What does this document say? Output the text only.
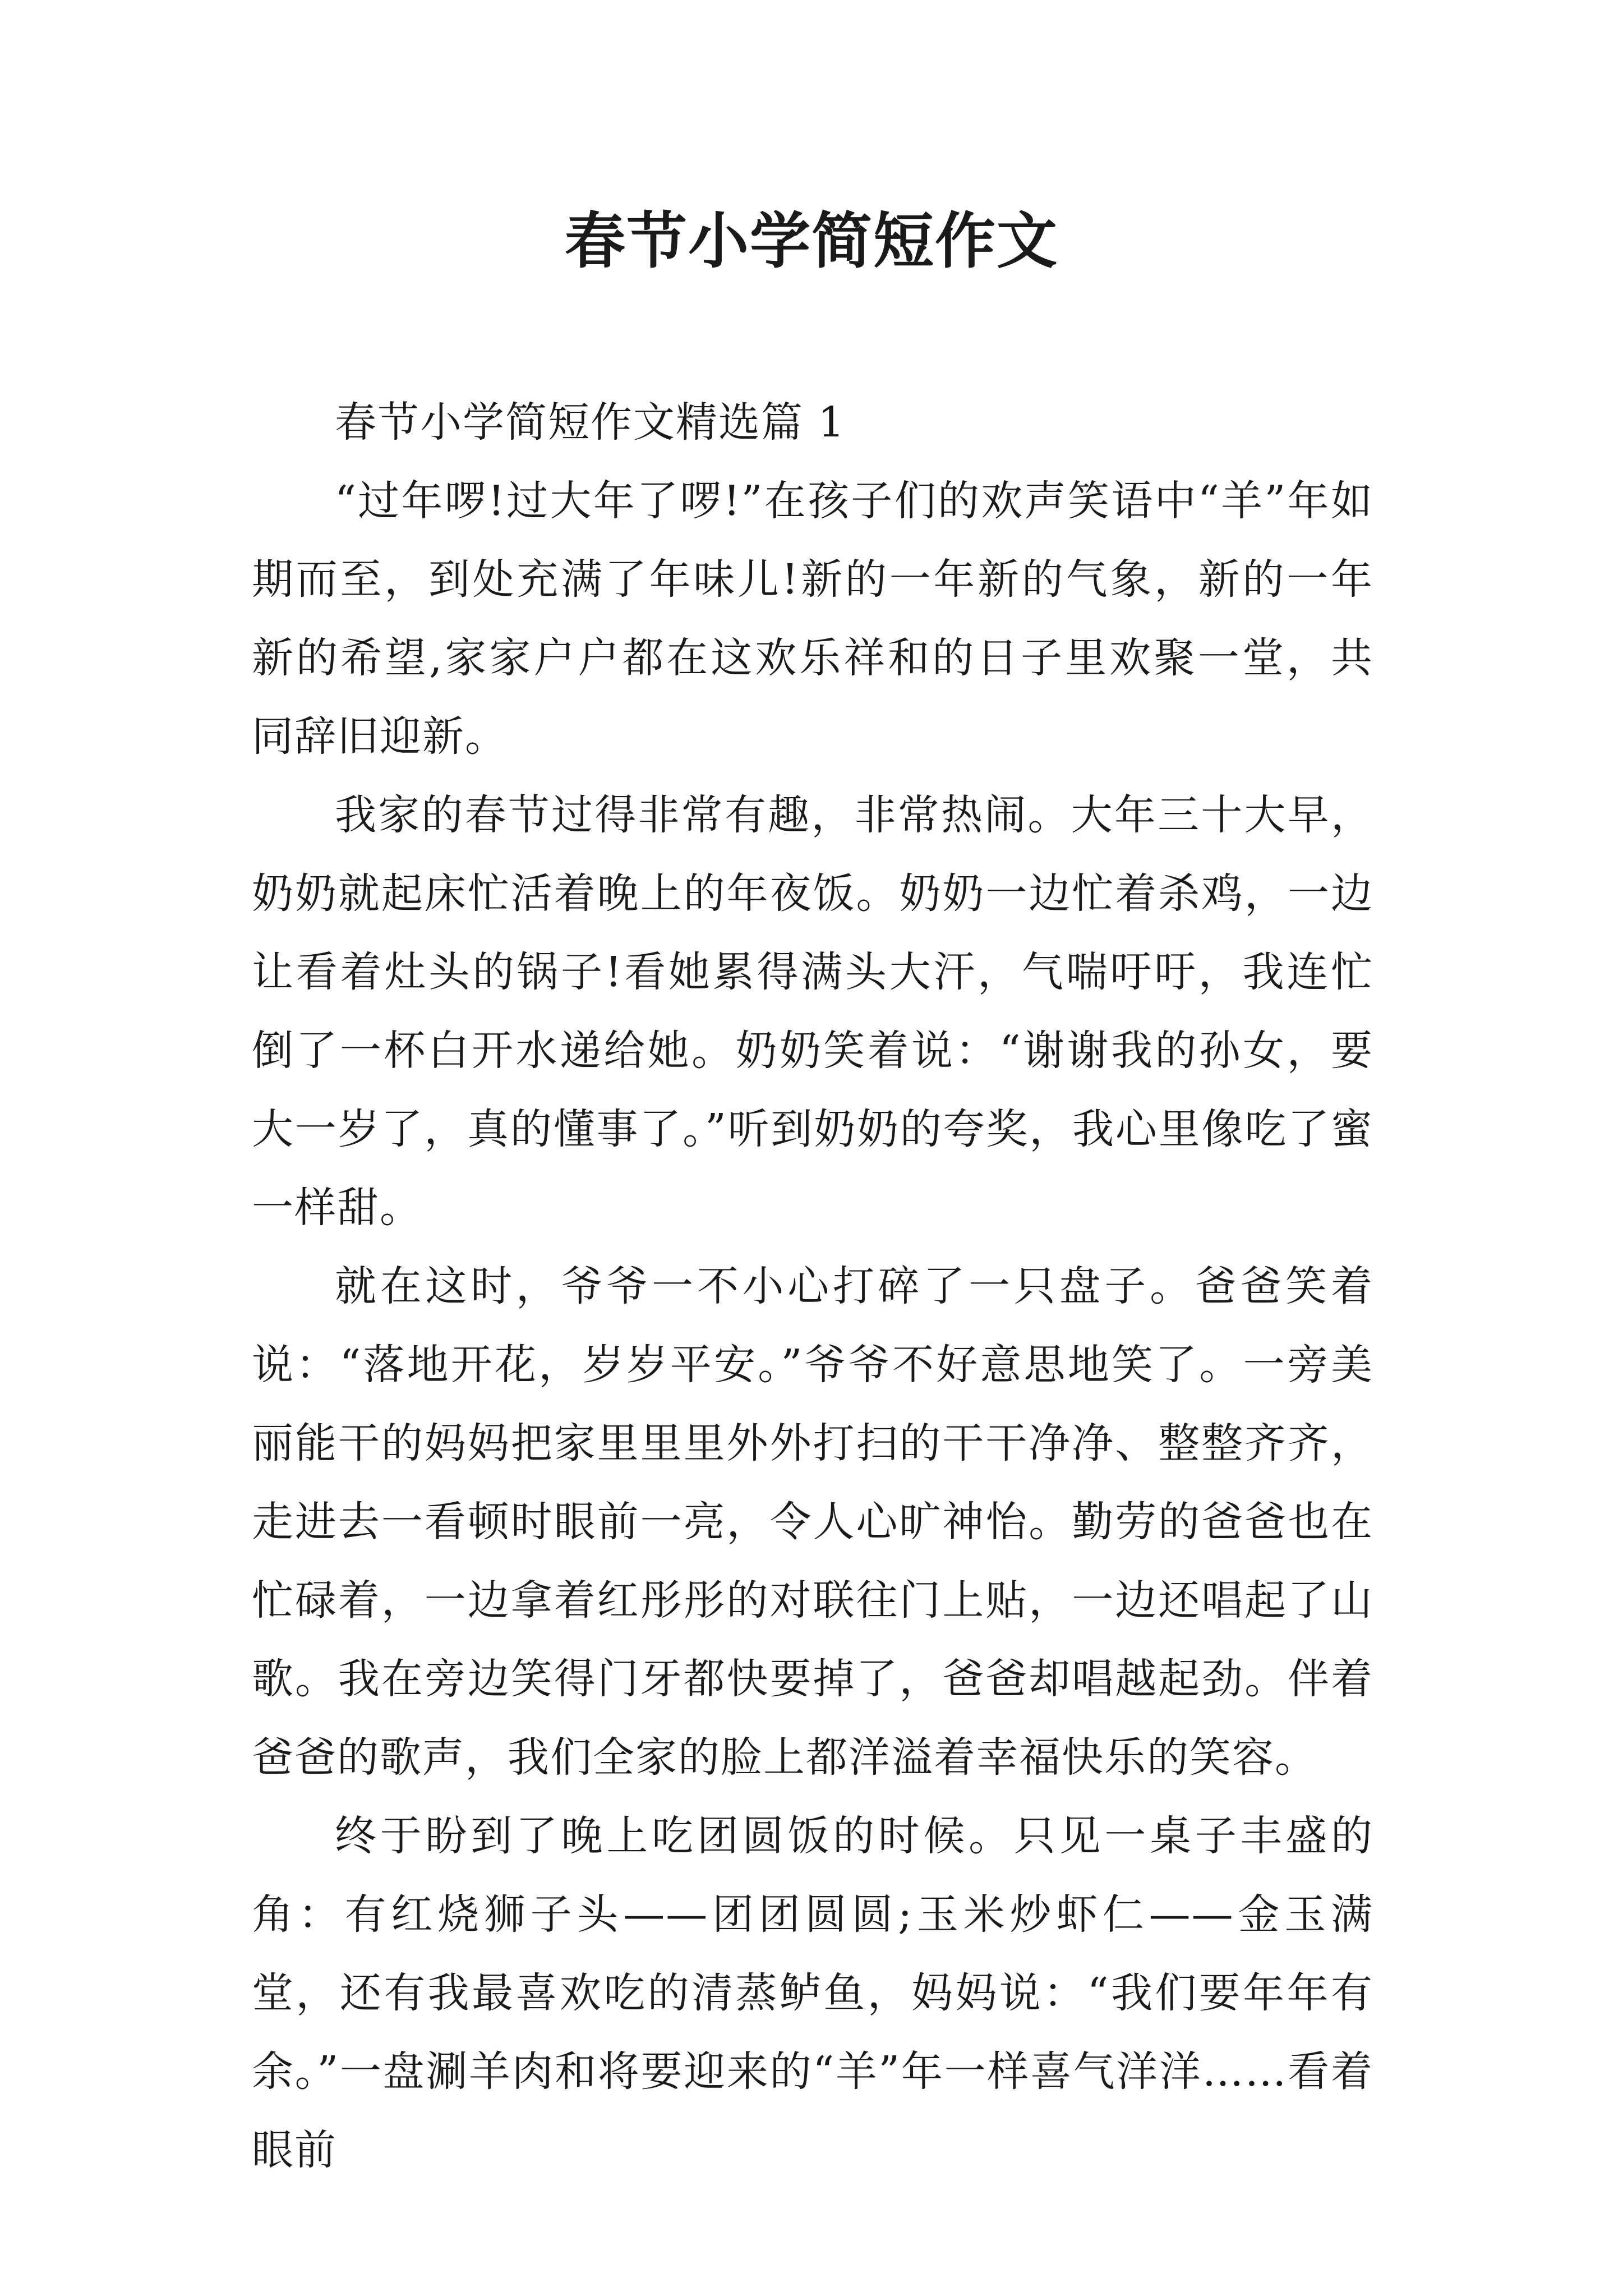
春节小学简短作文

春节小学简短作文精选篇 1

“过年啰!过大年了啰!”在孩子们的欢声笑语中“羊”年如期而至，到处充满了年味儿!新的一年新的气象，新的一年新的希望,家家户户都在这欢乐祥和的日子里欢聚一堂，共同辞旧迎新。

我家的春节过得非常有趣，非常热闹。大年三十大早，奶奶就起床忙活着晚上的年夜饭。奶奶一边忙着杀鸡，一边让看着灶头的锅子!看她累得满头大汗，气喘吁吁，我连忙倒了一杯白开水递给她。奶奶笑着说：“谢谢我的孙女，要大一岁了，真的懂事了。”听到奶奶的夸奖，我心里像吃了蜜一样甜。

就在这时，爷爷一不小心打碎了一只盘子。爸爸笑着说：“落地开花，岁岁平安。”爷爷不好意思地笑了。一旁美丽能干的妈妈把家里里里外外打扫的干干净净、整整齐齐，走进去一看顿时眼前一亮，令人心旷神怡。勤劳的爸爸也在忙碌着，一边拿着红彤彤的对联往门上贴，一边还唱起了山歌。我在旁边笑得门牙都快要掉了，爸爸却唱越起劲。伴着爸爸的歌声，我们全家的脸上都洋溢着幸福快乐的笑容。

终于盼到了晚上吃团圆饭的时候。只见一桌子丰盛的角：有红烧狮子头——团团圆圆;玉米炒虾仁——金玉满堂，还有我最喜欢吃的清蒸鲈鱼，妈妈说：“我们要年年有余。”一盘涮羊肉和将要迎来的“羊”年一样喜气洋洋……看着眼前
